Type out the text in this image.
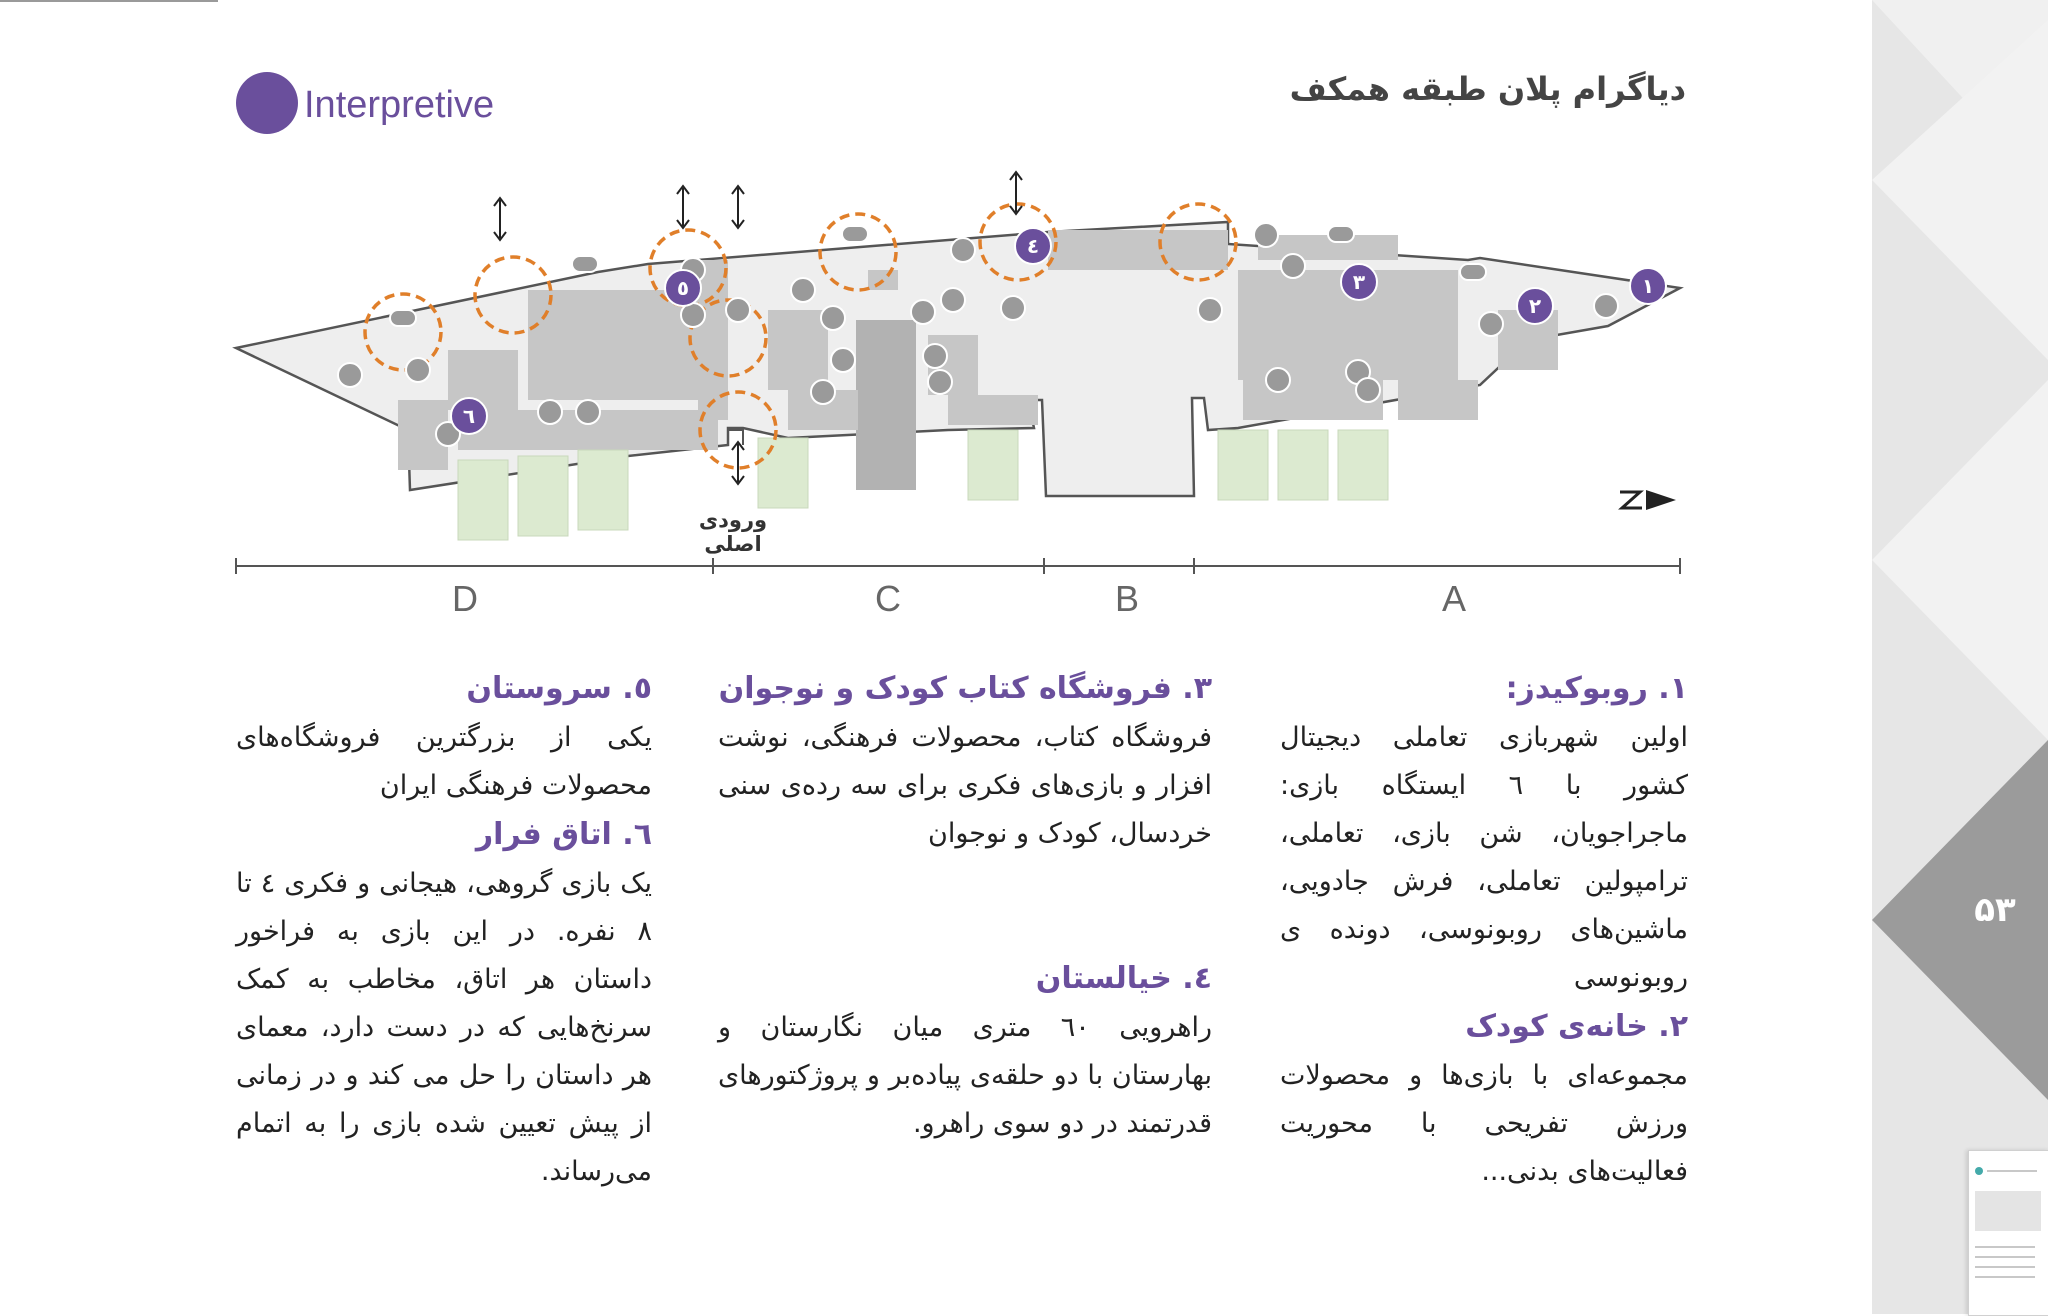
Interpretive	دیاگرام پلان طبقه همکف
١
٢
٣
٤
٥
٦
ورودی اصلی
D	C	B	A
۱. روبوکیدز:

اولین شهربازی تعاملی دیجیتال کشور با ٦ ایستگاه بازی: ماجراجویان، شن بازی، تعاملی، ترامپولین تعاملی، فرش جادویی، ماشین‌های روبونوسی، دونده ی روبونوسی

٢. خانه‌ی کودک

مجموعه‌ای با بازی‌ها و محصولات ورزش تفریحی با محوریت فعالیت‌های بدنی...

٣. فروشگاه کتاب کودک و نوجوان

فروشگاه کتاب، محصولات فرهنگی، نوشت افزار و بازی‌های فکری برای سه رده‌ی سنی خردسال، کودک و نوجوان

٤. خیالستان

راهرویی ٦٠ متری میان نگارستان و بهارستان با دو حلقه‌ی پیاده‌بر و پروژکتورهای قدرتمند در دو سوی راهرو.

٥. سروستان

یکی از بزرگترین فروشگاه‌های محصولات فرهنگی ایران

٦. اتاق فرار

یک بازی گروهی، هیجانی و فکری ٤ تا ٨ نفره. در این بازی به فراخور داستان هر اتاق، مخاطب به کمک سرنخ‌هایی که در دست دارد، معمای هر داستان را حل می کند و در زمانی از پیش تعیین شده بازی را به اتمام می‌رساند.

۵۳
